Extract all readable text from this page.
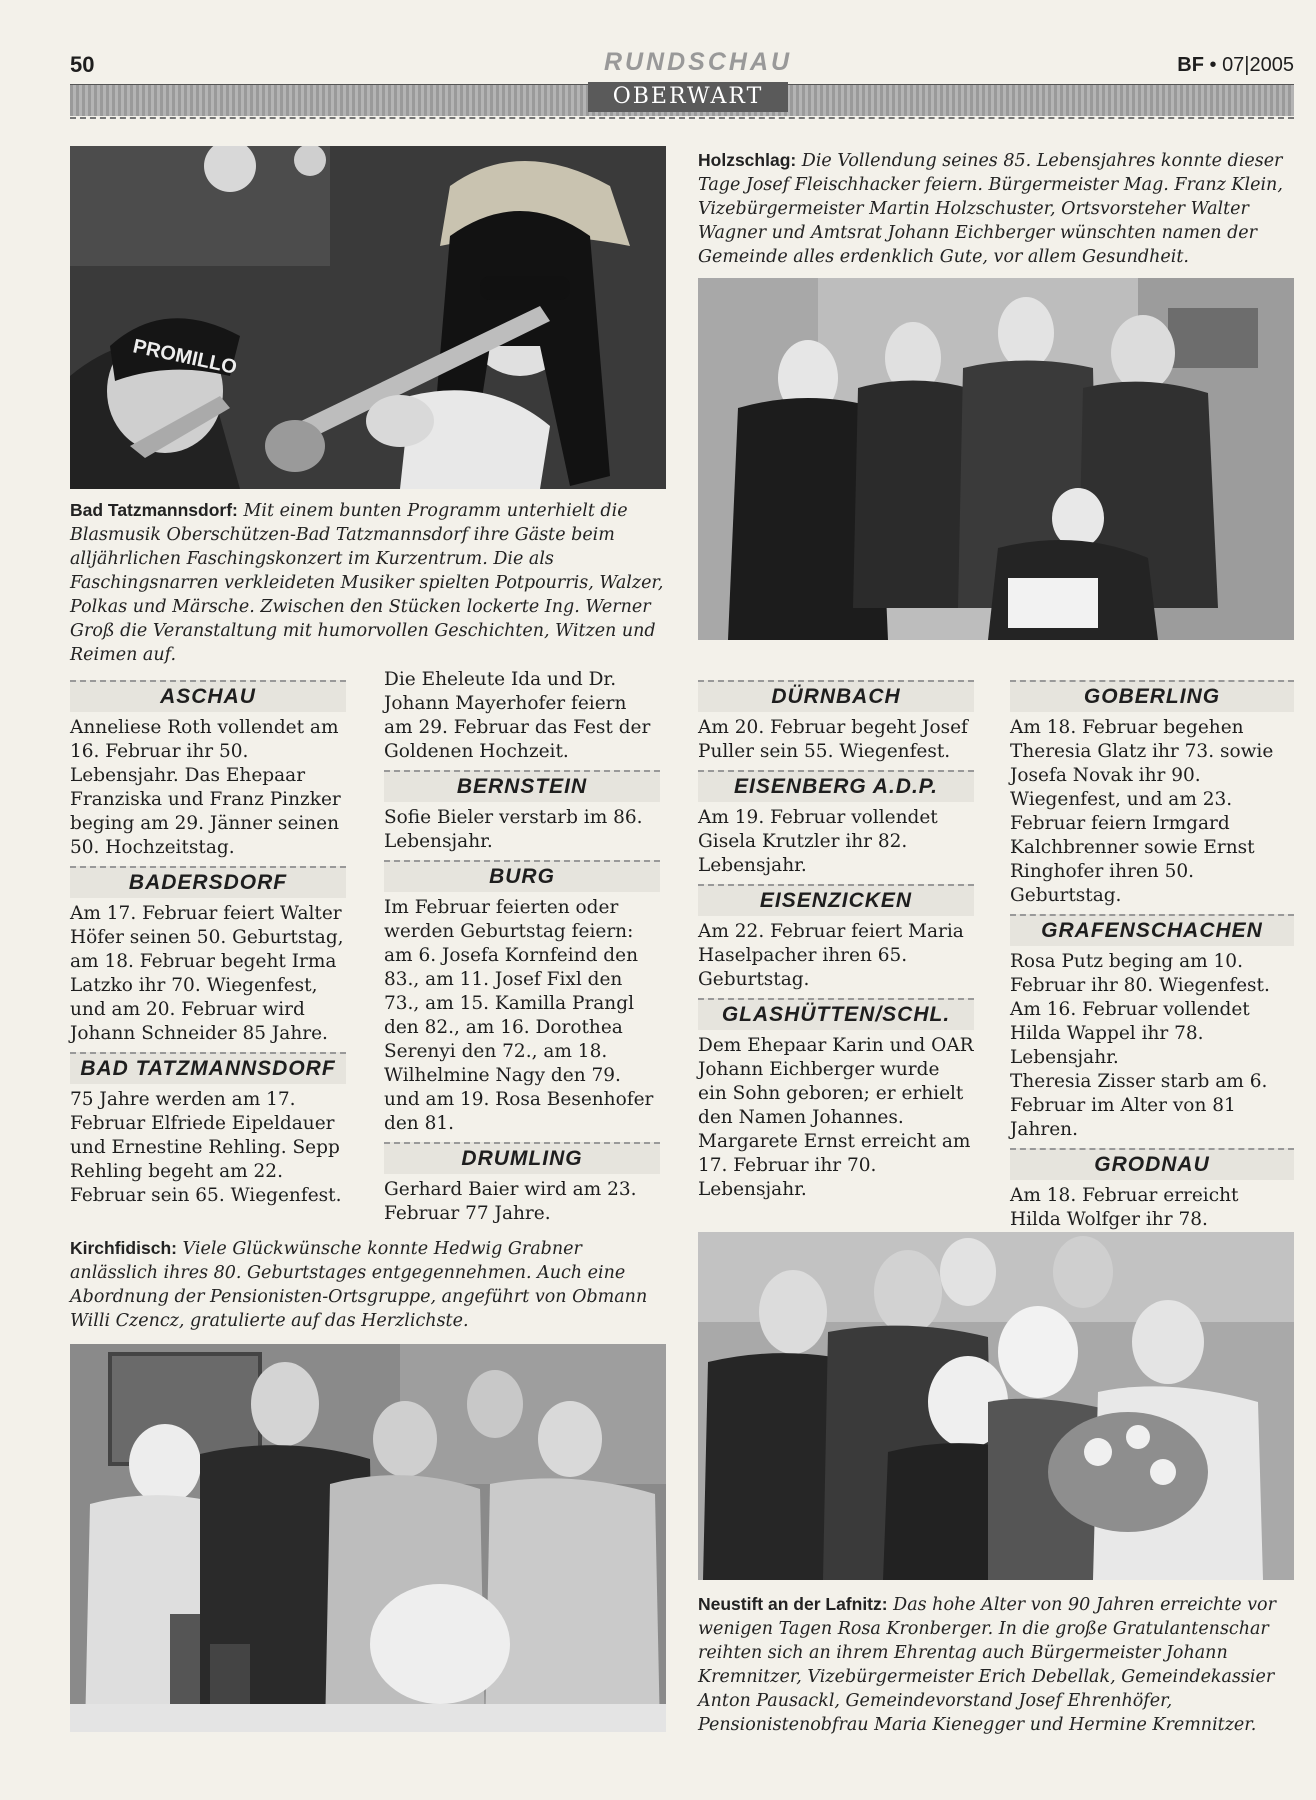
50	RUNDSCHAU	BF • 07|2005
OBERWART
PROMILLO
Bad Tatzmannsdorf: Mit einem bunten Programm unterhielt die Blasmusik Oberschützen-Bad Tatzmannsdorf ihre Gäste beim alljährlichen Faschingskonzert im Kurzentrum. Die als Faschingsnarren verkleideten Musiker spielten Potpourris, Walzer, Polkas und Märsche. Zwischen den Stücken lockerte Ing. Werner Groß die Veranstaltung mit humorvollen Geschichten, Witzen und Reimen auf.
Holzschlag: Die Vollendung seines 85. Lebensjahres konnte dieser Tage Josef Fleischhacker feiern. Bürgermeister Mag. Franz Klein, Vizebürgermeister Martin Holzschuster, Ortsvorsteher Walter Wagner und Amtsrat Johann Eichberger wünschten namen der Gemeinde alles erdenklich Gute, vor allem Gesundheit.
ASCHAU

Anneliese Roth vollendet am 16. Februar ihr 50. Lebensjahr. Das Ehepaar Franziska und Franz Pinzker beging am 29. Jänner seinen 50. Hochzeitstag.

BADERSDORF

Am 17. Februar feiert Walter Höfer seinen 50. Geburtstag, am 18. Februar begeht Irma Latzko ihr 70. Wiegenfest, und am 20. Februar wird Johann Schneider 85 Jahre.

BAD TATZMANNSDORF

75 Jahre werden am 17. Februar Elfriede Eipeldauer und Ernestine Rehling. Sepp Rehling begeht am 22. Februar sein 65. Wiegenfest.

Die Eheleute Ida und Dr. Johann Mayerhofer feiern am 29. Februar das Fest der Goldenen Hochzeit.

BERNSTEIN

Sofie Bieler verstarb im 86. Lebensjahr.

BURG

Im Februar feierten oder werden Geburtstag feiern: am 6. Josefa Kornfeind den 83., am 11. Josef Fixl den 73., am 15. Kamilla Prangl den 82., am 16. Dorothea Serenyi den 72., am 18. Wilhelmine Nagy den 79. und am 19. Rosa Besenhofer den 81.

DRUMLING

Gerhard Baier wird am 23. Februar 77 Jahre.

DÜRNBACH

Am 20. Februar begeht Josef Puller sein 55. Wiegenfest.

EISENBERG A.D.P.

Am 19. Februar vollendet Gisela Krutzler ihr 82. Lebensjahr.

EISENZICKEN

Am 22. Februar feiert Maria Haselpacher ihren 65. Geburtstag.

GLASHÜTTEN/SCHL.

Dem Ehepaar Karin und OAR Johann Eichberger wurde ein Sohn geboren; er erhielt den Namen Johannes.

Margarete Ernst erreicht am 17. Februar ihr 70. Lebensjahr.

GOBERLING

Am 18. Februar begehen Theresia Glatz ihr 73. sowie Josefa Novak ihr 90. Wiegenfest, und am 23. Februar feiern Irmgard Kalchbrenner sowie Ernst Ringhofer ihren 50. Geburtstag.

GRAFENSCHACHEN

Rosa Putz beging am 10. Februar ihr 80. Wiegenfest.

Am 16. Februar vollendet Hilda Wappel ihr 78. Lebensjahr.

Theresia Zisser starb am 6. Februar im Alter von 81 Jahren.

GRODNAU

Am 18. Februar erreicht Hilda Wolfger ihr 78.

Kirchfidisch: Viele Glückwünsche konnte Hedwig Grabner anlässlich ihres 80. Geburtstages entgegennehmen. Auch eine Abordnung der Pensionisten-Ortsgruppe, angeführt von Obmann Willi Czencz, gratulierte auf das Herzlichste.
Neustift an der Lafnitz: Das hohe Alter von 90 Jahren erreichte vor wenigen Tagen Rosa Kronberger. In die große Gratulantenschar reihten sich an ihrem Ehrentag auch Bürgermeister Johann Kremnitzer, Vizebürgermeister Erich Debellak, Gemeindekassier Anton Pausackl, Gemeindevorstand Josef Ehrenhöfer, Pensionistenobfrau Maria Kienegger und Hermine Kremnitzer.
